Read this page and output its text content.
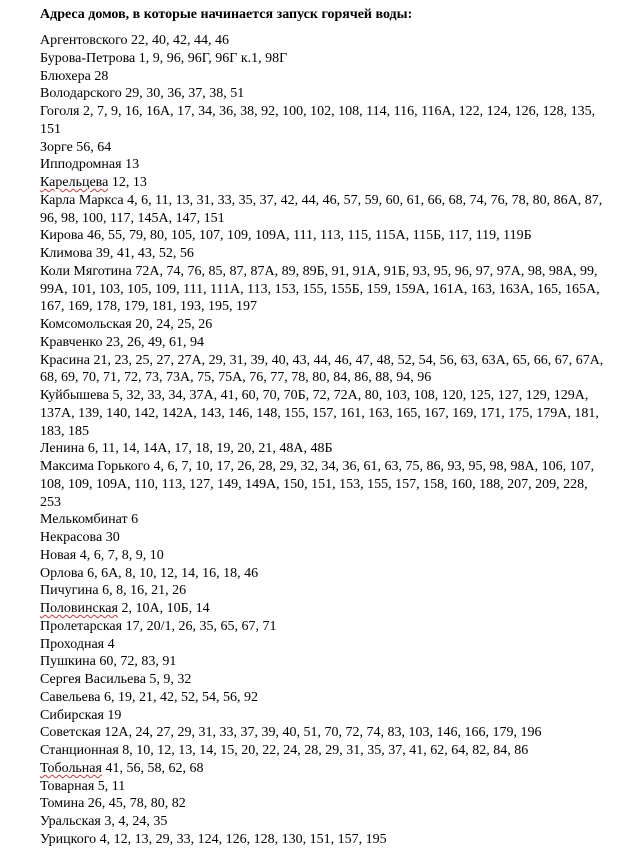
Адреса домов, в которые начинается запуск горячей воды:
Аргентовского 22, 40, 42, 44, 46
Бурова-Петрова 1, 9, 96, 96Г, 96Г к.1, 98Г
Блюхера 28
Володарского 29, 30, 36, 37, 38, 51
Гоголя 2, 7, 9, 16, 16А, 17, 34, 36, 38, 92, 100, 102, 108, 114, 116, 116А, 122, 124, 126, 128, 135, 151
Зорге 56, 64
Ипподромная 13
Карельцева 12, 13
Карла Маркса 4, 6, 11, 13, 31, 33, 35, 37, 42, 44, 46, 57, 59, 60, 61, 66, 68, 74, 76, 78, 80, 86А, 87, 96, 98, 100, 117, 145А, 147, 151
Кирова 46, 55, 79, 80, 105, 107, 109, 109А, 111, 113, 115, 115А, 115Б, 117, 119, 119Б
Климова 39, 41, 43, 52, 56
Коли Мяготина 72А, 74, 76, 85, 87, 87А, 89, 89Б, 91, 91А, 91Б, 93, 95, 96, 97, 97А, 98, 98А, 99, 99А, 101, 103, 105, 109, 111, 111А, 113, 153, 155, 155Б, 159, 159А, 161А, 163, 163А, 165, 165А, 167, 169, 178, 179, 181, 193, 195, 197
Комсомольская 20, 24, 25, 26
Кравченко 23, 26, 49, 61, 94
Красина 21, 23, 25, 27, 27А, 29, 31, 39, 40, 43, 44, 46, 47, 48, 52, 54, 56, 63, 63А, 65, 66, 67, 67А, 68, 69, 70, 71, 72, 73, 73А, 75, 75А, 76, 77, 78, 80, 84, 86, 88, 94, 96
Куйбышева 5, 32, 33, 34, 37А, 41, 60, 70, 70Б, 72, 72А, 80, 103, 108, 120, 125, 127, 129, 129А, 137А, 139, 140, 142, 142А, 143, 146, 148, 155, 157, 161, 163, 165, 167, 169, 171, 175, 179А, 181, 183, 185
Ленина 6, 11, 14, 14А, 17, 18, 19, 20, 21, 48А, 48Б
Максима Горького 4, 6, 7, 10, 17, 26, 28, 29, 32, 34, 36, 61, 63, 75, 86, 93, 95, 98, 98А, 106, 107, 108, 109, 109А, 110, 113, 127, 149, 149А, 150, 151, 153, 155, 157, 158, 160, 188, 207, 209, 228, 253
Мелькомбинат 6
Некрасова 30
Новая 4, 6, 7, 8, 9, 10
Орлова 6, 6А, 8, 10, 12, 14, 16, 18, 46
Пичугина 6, 8, 16, 21, 26
Половинская 2, 10А, 10Б, 14
Пролетарская 17, 20/1, 26, 35, 65, 67, 71
Проходная 4
Пушкина 60, 72, 83, 91
Сергея Васильева 5, 9, 32
Савельева 6, 19, 21, 42, 52, 54, 56, 92
Сибирская 19
Советская 12А, 24, 27, 29, 31, 33, 37, 39, 40, 51, 70, 72, 74, 83, 103, 146, 166, 179, 196
Станционная 8, 10, 12, 13, 14, 15, 20, 22, 24, 28, 29, 31, 35, 37, 41, 62, 64, 82, 84, 86
Тобольная 41, 56, 58, 62, 68
Товарная 5, 11
Томина 26, 45, 78, 80, 82
Уральская 3, 4, 24, 35
Урицкого 4, 12, 13, 29, 33, 124, 126, 128, 130, 151, 157, 195
